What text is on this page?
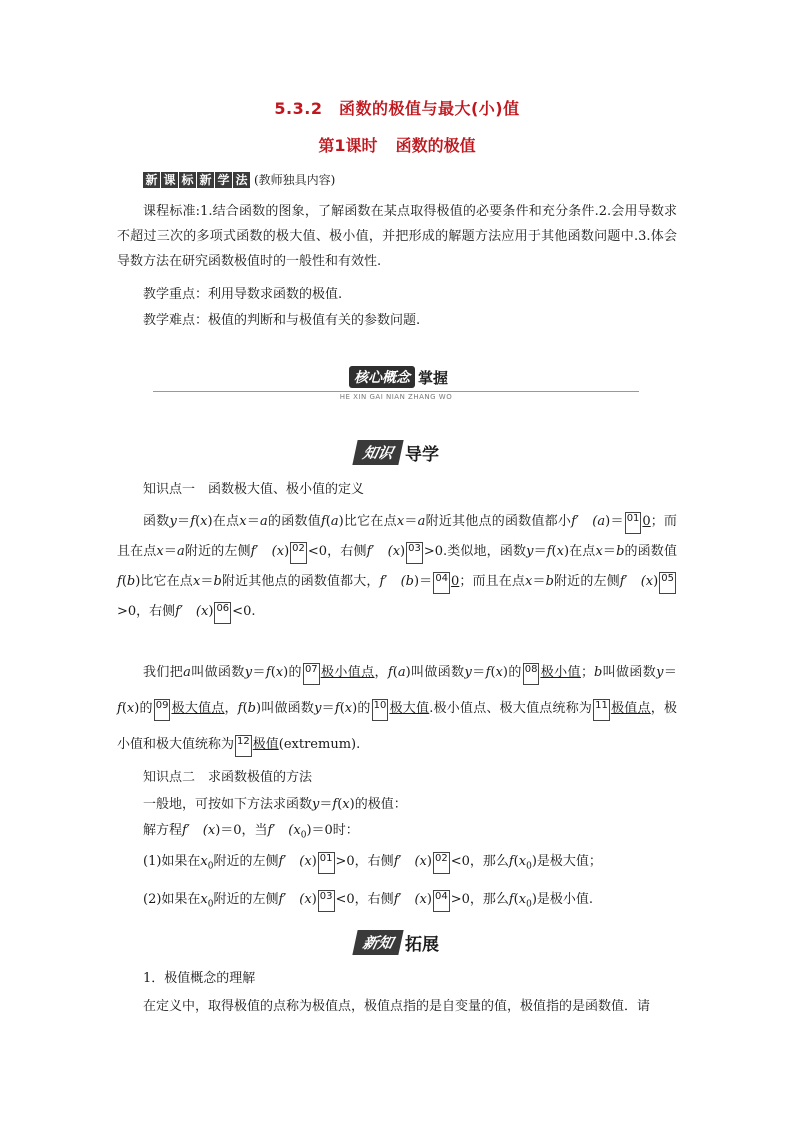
5.3.2　函数的极值与最大(小)值
第1课时 函数的极值
新 课 标 新 学 法 (教师独具内容)
课程标准:1.结合函数的图象，了解函数在某点取得极值的必要条件和充分条件.2.会用导数求不超过三次的多项式函数的极大值、极小值，并把形成的解题方法应用于其他函数问题中.3.体会导数方法在研究函数极值时的一般性和有效性.
教学重点：利用导数求函数的极值.
教学难点：极值的判断和与极值有关的参数问题.
核心概念 掌握
HE XIN GAI NIAN ZHANG WO
知识 导学
知识点一　函数极大值、极小值的定义
函数y＝f(x)在点x＝a的函数值f(a)比它在点x＝a附近其他点的函数值都小f′　(a)＝ 01 0；而且在点x＝a附近的左侧f′　(x) 02 <0，右侧f′　(x) 03 >0.类似地，函数y＝f(x)在点x＝b的函数值f(b)比它在点x＝b附近其他点的函数值都大，f′　(b)＝ 04 0；而且在点x＝b附近的左侧f′　(x) 05>0，右侧f′　(x) 06 <0.
我们把a叫做函数y＝f(x)的 07 极小值点，f(a)叫做函数y＝f(x)的 08 极小值；b叫做函数y＝f(x)的 09 极大值点，f(b)叫做函数y＝f(x)的 10 极大值.极小值点、极大值点统称为 11 极值点，极小值和极大值统称为 12 极值(extremum).
知识点二　求函数极值的方法
一般地，可按如下方法求函数y＝f(x)的极值：
解方程f′　(x)＝0，当f′　$(x_0)=0$时：
(1)如果在$x_0$附近的左侧f′　(x) 01 >0，右侧f′　(x) 02 <0，那么$f(x_0)$是极大值；
(2)如果在$x_0$附近的左侧f′　(x) 03 <0，右侧f′　(x) 04 >0，那么$f(x_0)$是极小值.
新知 拓展
1．极值概念的理解
在定义中，取得极值的点称为极值点，极值点指的是自变量的值，极值指的是函数值．请
